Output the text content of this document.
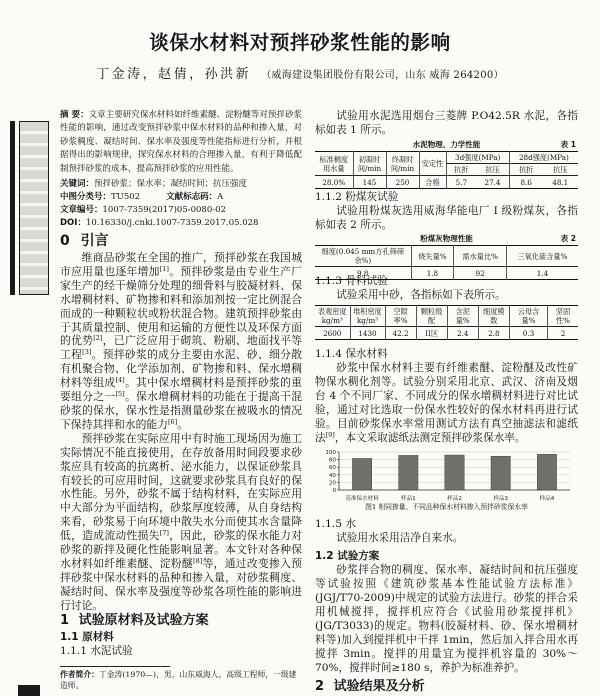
谈保水材料对预拌砂浆性能的影响
丁金涛，赵倩，孙洪新 （威海建设集团股份有限公司，山东 威海 264200）
摘 要：文章主要研究保水材料如纤维素醚、淀粉醚等对预拌砂浆性能的影响，通过改变预拌砂浆中保水材料的品种和掺入量，对砂浆稠度、凝结时间、保水率及强度等性能指标进行分析，并根据得出的影响规律，探究保水材料的合理掺入量，有利于降低配制预拌砂浆的成本，提高预拌砂浆的应用性能。
关键词：预拌砂浆；保水率；凝结时间；抗压强度
中图分类号：TU502	文献标志码：A
文章编号：1007-7359(2017)05-0080-02
DOI：10.16330/j.cnki.1007-7359.2017.05.028
0 引言

维商品砂浆在全国的推广，预拌砂浆在我国城市应用量也逐年增加[1]。预拌砂浆是由专业生产厂家生产的经干燥筛分处理的细骨料与胶凝材料、保水增稠材料、矿物掺和料和添加剂按一定比例混合而成的一种颗粒状或粉状混合物。建筑预拌砂浆由于其质量控制、使用和运输的方便性以及环保方面的优势[2]，已广泛应用于砌筑、粉刷、地面找平等工程[3]。预拌砂浆的成分主要由水泥、砂、细分散有机聚合物、化学添加剂、矿物掺和料、保水增稠材料等组成[4]。其中保水增稠材料是预拌砂浆的重要组分之一[5]。保水增稠材料的功能在于提高干混砂浆的保水，保水性是指测量砂浆在被吸水的情况下保持其拌和水的能力[6]。

预拌砂浆在实际应用中有时施工现场因为施工实际情况不能直接使用，在存放备用时间段要求砂浆应具有较高的抗离析、泌水能力，以保证砂浆具有较长的可应用时间，这就要求砂浆具有良好的保水性能。另外，砂浆不属于结构材料，在实际应用中大部分为平面结构，砂浆厚度较薄，从自身结构来看，砂浆易于向环境中散失水分而使其水含量降低，造成流动性损失[7]，因此，砂浆的保水能力对砂浆的新拌及硬化性能影响显著。本文针对各种保水材料如纤维素醚、淀粉醚[8]等，通过改变掺入预拌砂浆中保水材料的品种和掺入量，对砂浆稠度、凝结时间、保水率及强度等砂浆各项性能的影响进行讨论。

1 试验原材料及试验方案
1.1 原材料
1.1.1 水泥试验
作者简介：丁金涛(1970—)，男，山东威海人，高级工程师，一级建造师。
试验用水泥选用烟台三菱牌 P.O42.5R 水泥，各指标如表 1 所示。
水泥物理、力学性能	表 1
标准稠度用水量	初凝时间/min	终凝时间/min	安定性	3d强度(MPa)		28d强度(MPa)	
				抗折	抗压	抗折	抗压
28.0%	145	250	合格	5.7	27.4	8.6	48.1
1.1.2 粉煤灰试验
试验用粉煤灰选用威海华能电厂 I 级粉煤灰，各指标如表 2 所示。
粉煤灰物理性能	表 2
细度(0.045 mm方孔筛筛余%)	烧失量%	需水量比%	三氧化硫含量%
9.8	1.8	92	1.4
1.1.3 骨料试验
试验采用中砂，各指标如下表所示。
表观密度kg/m³	堆积密度kg/m³	空隙率%	颗粒级配	含泥量%	细度模数	云母含量%	坚固性%
2600	1430	42.2	II区	2.4	2.8	0.3	2
1.1.4 保水材料
砂浆中保水材料主要有纤维素醚、淀粉醚及改性矿物保水稠化剂等。试验分别采用北京、武汉、济南及烟台 4 个不同厂家、不同成分的保水增稠材料进行对比试验，通过对比选取一份保水性较好的保水材料再进行试验。目前砂浆保水率常用测试方法有真空抽滤法和滤纸法[9]，本文采取滤纸法测定预拌砂浆保水率。
0
20
40
60
80
100
基准保水材料	样品1	样品2	样品3	样品4
图1 相同掺量、不同品种保水材料掺入预拌砂浆保水率
1.1.5 水
试验用水采用洁净自来水。
1.2 试验方案
砂浆拌合物的稠度、保水率、凝结时间和抗压强度等试验按照《建筑砂浆基本性能试验方法标准》(JGJ/T70-2009)中规定的试验方法进行。砂浆的拌合采用机械搅拌，搅拌机应符合《试验用砂浆搅拌机》(JG/T3033)的规定。物料(胶凝材料、砂、保水增稠材料等)加入到搅拌机中干拌 1min，然后加入拌合用水再搅拌 3min。搅拌的用量宜为搅拌机容量的 30%～70%，搅拌时间≥180 s，养护为标准养护。
2 试验结果及分析
